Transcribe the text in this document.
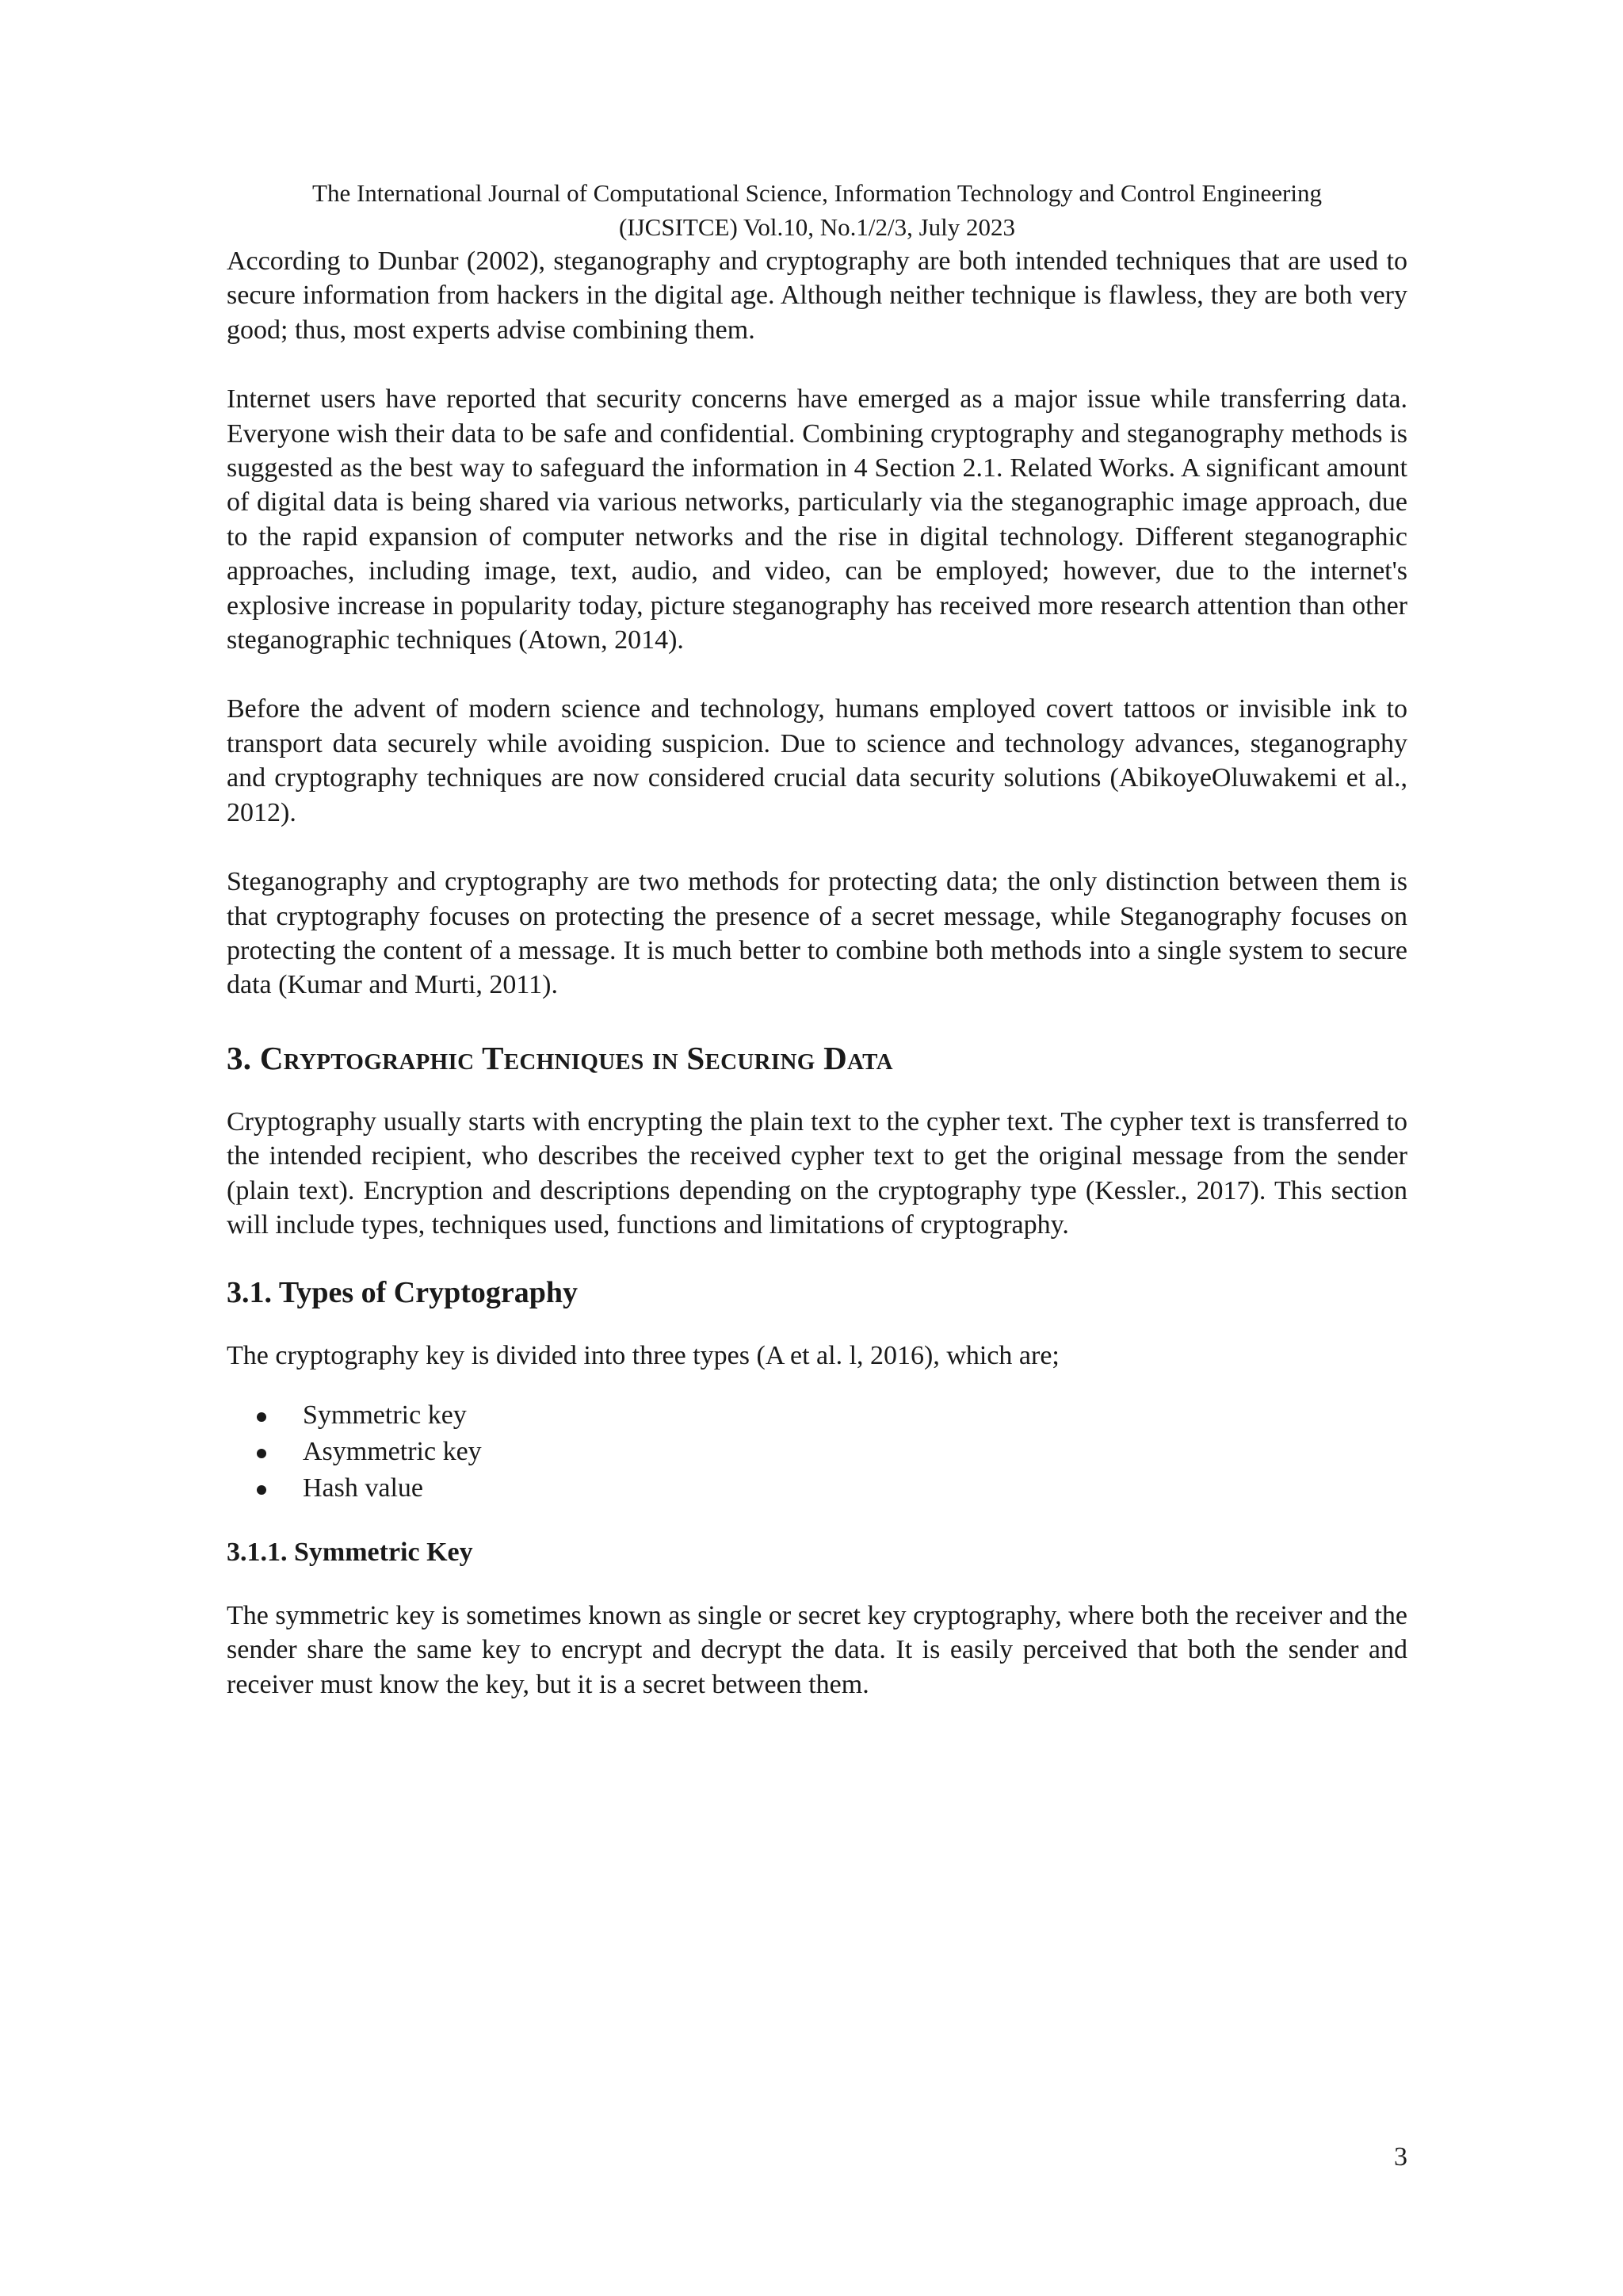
The International Journal of Computational Science, Information Technology and Control Engineering
(IJCSITCE) Vol.10, No.1/2/3, July 2023

According to Dunbar (2002), steganography and cryptography are both intended techniques that are used to secure information from hackers in the digital age. Although neither technique is flawless, they are both very good; thus, most experts advise combining them.

Internet users have reported that security concerns have emerged as a major issue while transferring data. Everyone wish their data to be safe and confidential. Combining cryptography and steganography methods is suggested as the best way to safeguard the information in 4 Section 2.1. Related Works. A significant amount of digital data is being shared via various networks, particularly via the steganographic image approach, due to the rapid expansion of computer networks and the rise in digital technology. Different steganographic approaches, including image, text, audio, and video, can be employed; however, due to the internet's explosive increase in popularity today, picture steganography has received more research attention than other steganographic techniques (Atown, 2014).

Before the advent of modern science and technology, humans employed covert tattoos or invisible ink to transport data securely while avoiding suspicion. Due to science and technology advances, steganography and cryptography techniques are now considered crucial data security solutions (AbikoyeOluwakemi et al., 2012).

Steganography and cryptography are two methods for protecting data; the only distinction between them is that cryptography focuses on protecting the presence of a secret message, while Steganography focuses on protecting the content of a message. It is much better to combine both methods into a single system to secure data (Kumar and Murti, 2011).

3. Cryptographic Techniques in Securing Data

Cryptography usually starts with encrypting the plain text to the cypher text. The cypher text is transferred to the intended recipient, who describes the received cypher text to get the original message from the sender (plain text). Encryption and descriptions depending on the cryptography type (Kessler., 2017). This section will include types, techniques used, functions and limitations of cryptography.

3.1. Types of Cryptography

The cryptography key is divided into three types (A et al. l, 2016), which are;

Symmetric key
Asymmetric key
Hash value
3.1.1. Symmetric Key

The symmetric key is sometimes known as single or secret key cryptography, where both the receiver and the sender share the same key to encrypt and decrypt the data. It is easily perceived that both the sender and receiver must know the key, but it is a secret between them.

3
